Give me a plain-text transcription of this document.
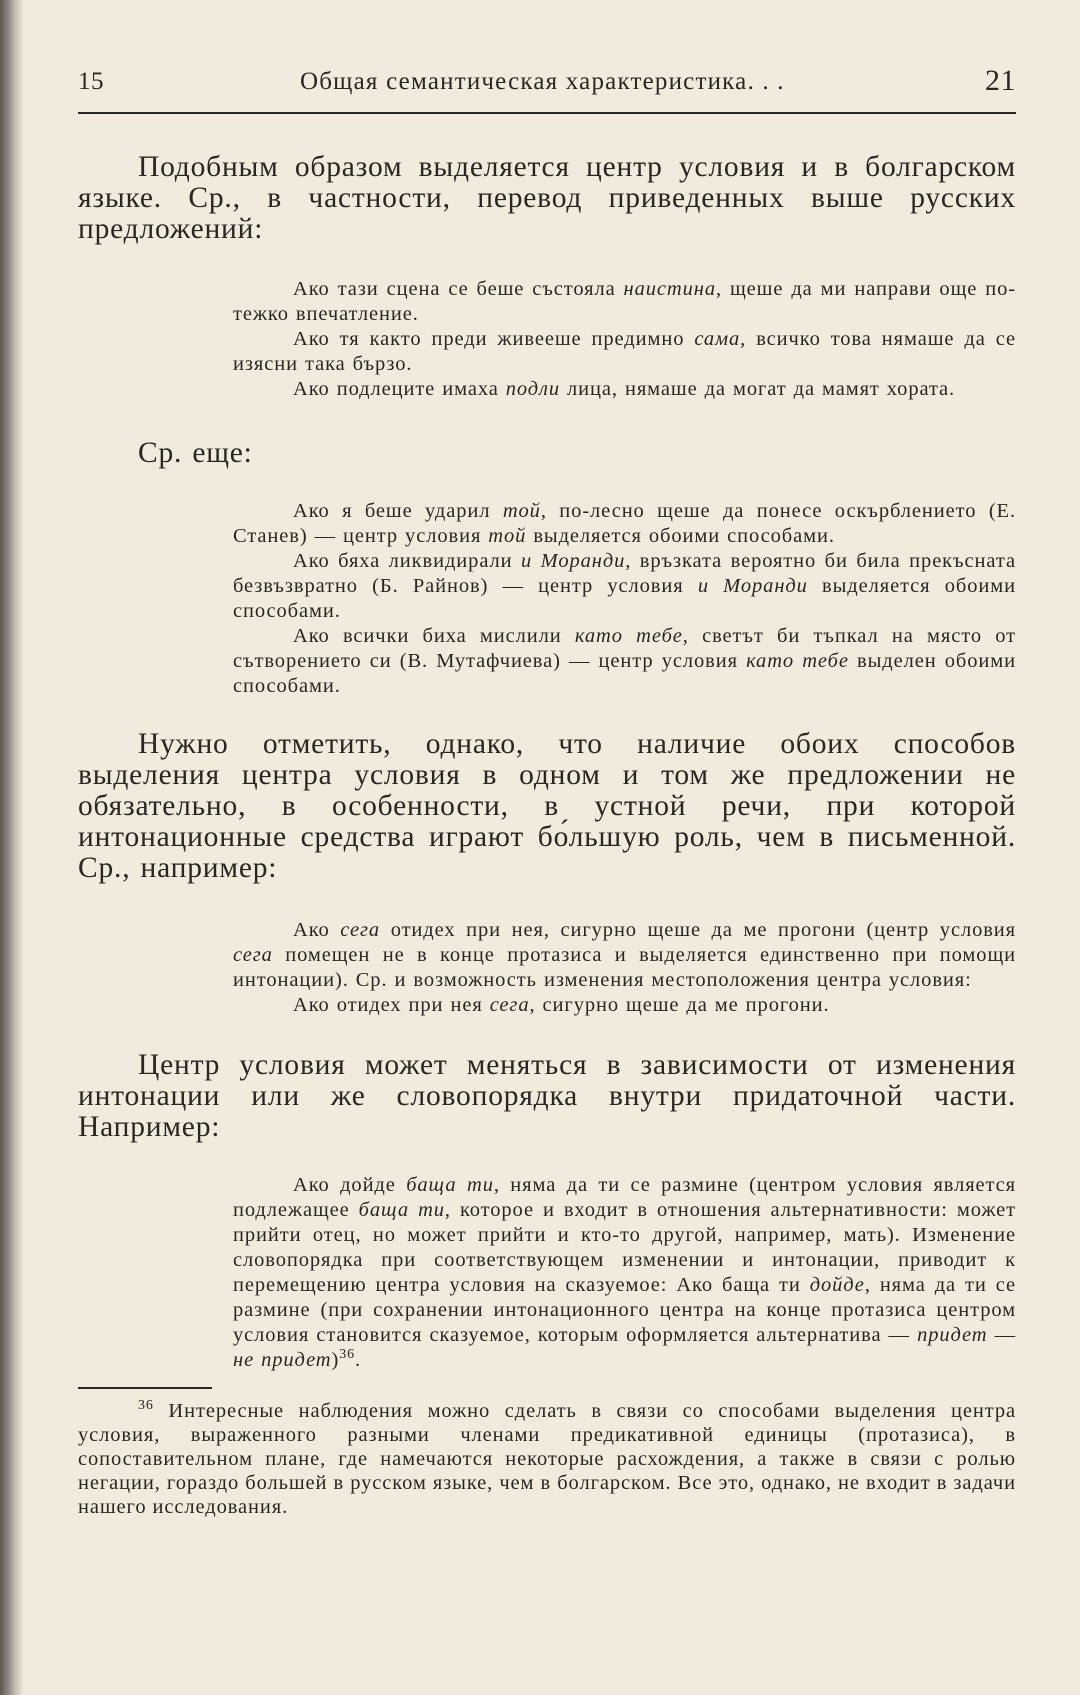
15	Общая семантическая характеристика. . .	21

Подобным образом выделяется центр условия и в болгарском языке. Ср., в частности, перевод приведенных выше русских предложений:

Ако тази сцена се беше състояла наистина, щеше да ми направи още по-тежко впечатление.

Ако тя както преди живееше предимно сама, всичко това нямаше да се изясни така бързо.

Ако подлеците имаха подли лица, нямаше да могат да мамят хората.

Ср. еще:

Ако я беше ударил той, по-лесно щеше да понесе оскърблението (Е. Станев) — центр условия той выделяется обоими способами.

Ако бяха ликвидирали и Моранди, връзката вероятно би била прекъсната безвъзвратно (Б. Райнов) — центр условия и Моранди выделяется обоими способами.

Ако всички биха мислили като тебе, светът би тъпкал на място от сътворението си (В. Мутафчиева) — центр условия като тебе выделен обоими способами.

Нужно отметить, однако, что наличие обоих способов выделения центра условия в одном и том же предложении не обязательно, в особенности, в устной речи, при которой интонационные средства играют бо́льшую роль, чем в письменной. Ср., например:

Ако сега отидех при нея, сигурно щеше да ме прогони (центр условия сега помещен не в конце протазиса и выделяется единственно при помощи интонации). Ср. и возможность изменения местоположения центра условия:

Ако отидех при нея сега, сигурно щеше да ме прогони.

Центр условия может меняться в зависимости от изменения интонации или же словопорядка внутри придаточной части. Например:

Ако дойде баща ти, няма да ти се размине (центром условия является подлежащее баща ти, которое и входит в отношения альтернативности: может прийти отец, но может прийти и кто-то другой, например, мать). Изменение словопорядка при соответствующем изменении и интонации, приводит к перемещению центра условия на сказуемое: Ако баща ти дойде, няма да ти се размине (при сохранении интонационного центра на конце протазиса центром условия становится сказуемое, которым оформляется альтернатива — придет — не придет)$^{36}$.

$^{36}$ Интересные наблюдения можно сделать в связи со способами выделения центра условия, выраженного разными членами предикативной единицы (протазиса), в сопоставительном плане, где намечаются некоторые расхождения, а также в связи с ролью негации, гораздо большей в русском языке, чем в болгарском. Все это, однако, не входит в задачи нашего исследования.
